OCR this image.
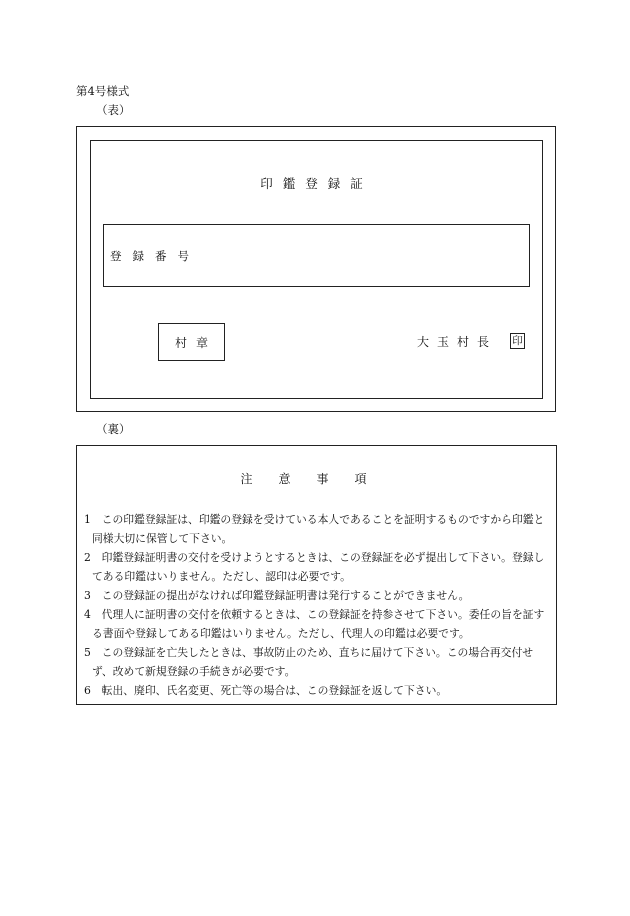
第4号様式
（表）
印鑑登録証
登録番号
村章	大玉村長 印
（裏）
注意事項
1　この印鑑登録証は、印鑑の登録を受けている本人であることを証明するものですから印鑑と同様大切に保管して下さい。
2　印鑑登録証明書の交付を受けようとするときは、この登録証を必ず提出して下さい。登録してある印鑑はいりません。ただし、認印は必要です。
3　この登録証の提出がなければ印鑑登録証明書は発行することができません。
4　代理人に証明書の交付を依頼するときは、この登録証を持参させて下さい。委任の旨を証する書面や登録してある印鑑はいりません。ただし、代理人の印鑑は必要です。
5　この登録証を亡失したときは、事故防止のため、直ちに届けて下さい。この場合再交付せず、改めて新規登録の手続きが必要です。
6　転出、廃印、氏名変更、死亡等の場合は、この登録証を返して下さい。
